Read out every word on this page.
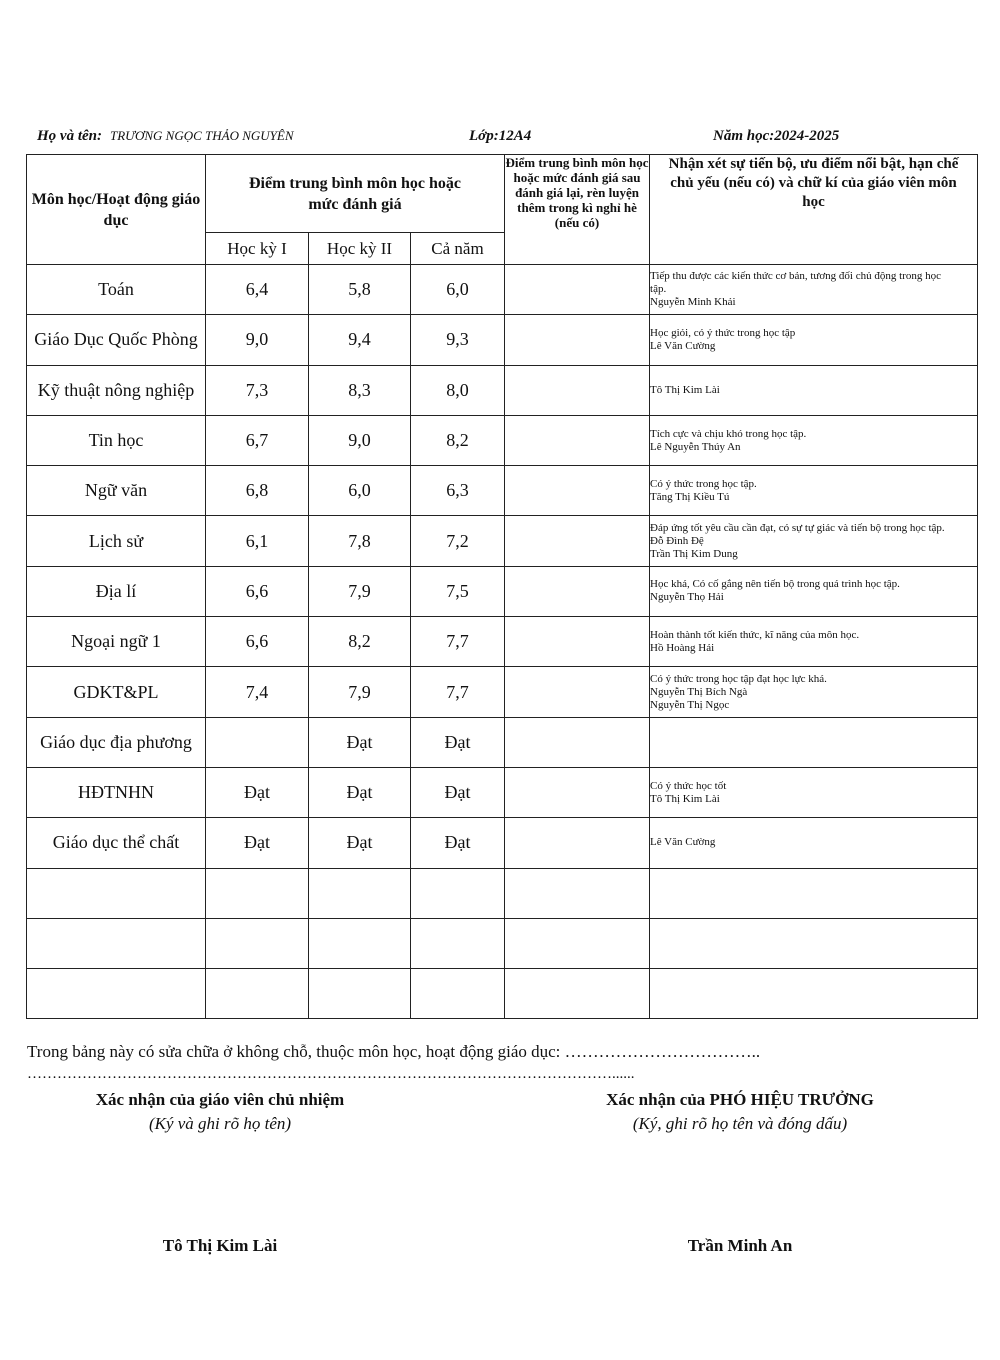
Họ và tên: TRƯƠNG NGỌC THẢO NGUYÊN	Lớp:12A4	Năm học:2024-2025
Môn học/Hoạt động giáo dục	Điểm trung bình môn học hoặc mức đánh giá			Điểm trung bình môn học hoặc mức đánh giá sau đánh giá lại, rèn luyện thêm trong kì nghỉ hè (nếu có)	Nhận xét sự tiến bộ, ưu điểm nổi bật, hạn chế chủ yếu (nếu có) và chữ kí của giáo viên môn học
	Học kỳ I	Học kỳ II	Cả năm		
Toán	6,4	5,8	6,0		Tiếp thu được các kiến thức cơ bản, tương đối chủ động trong học
tập.
Nguyễn Minh Khải

Giáo Dục Quốc Phòng	9,0	9,4	9,3		Học giỏi, có ý thức trong học tập
Lê Văn Cường

Kỹ thuật nông nghiệp	7,3	8,3	8,0		Tô Thị Kim Lài

Tin học	6,7	9,0	8,2		Tích cực và chịu khó trong học tập.
Lê Nguyễn Thúy An

Ngữ văn	6,8	6,0	6,3		Có ý thức trong học tập.
Tăng Thị Kiều Tú

Lịch sử	6,1	7,8	7,2		Đáp ứng tốt yêu cầu cần đạt, có sự tự giác và tiến bộ trong học tập.
Đỗ Đình Đệ
Trần Thị Kim Dung

Địa lí	6,6	7,9	7,5		Học khá, Có cố gắng nên tiến bộ trong quá trình học tập.
Nguyễn Thọ Hải

Ngoại ngữ 1	6,6	8,2	7,7		Hoàn thành tốt kiến thức, kĩ năng của môn học.
Hồ Hoàng Hải

GDKT&PL	7,4	7,9	7,7		Có ý thức trong học tập đạt học lực khá.
Nguyễn Thị Bích Ngà
Nguyễn Thị Ngọc

Giáo dục địa phương		Đạt	Đạt		
HĐTNHN	Đạt	Đạt	Đạt		Có ý thức học tốt
Tô Thị Kim Lài

Giáo dục thể chất	Đạt	Đạt	Đạt		Lê Văn Cường

Trong bảng này có sửa chữa ở không chỗ, thuộc môn học, hoạt động giáo dục: ……………………………..
………………………………………………………………………………………………………......
Xác nhận của giáo viên chủ nhiệm
(Ký và ghi rõ họ tên)
Xác nhận của PHÓ HIỆU TRƯỞNG
(Ký, ghi rõ họ tên và đóng dấu)
Tô Thị Kim Lài	Trần Minh An
